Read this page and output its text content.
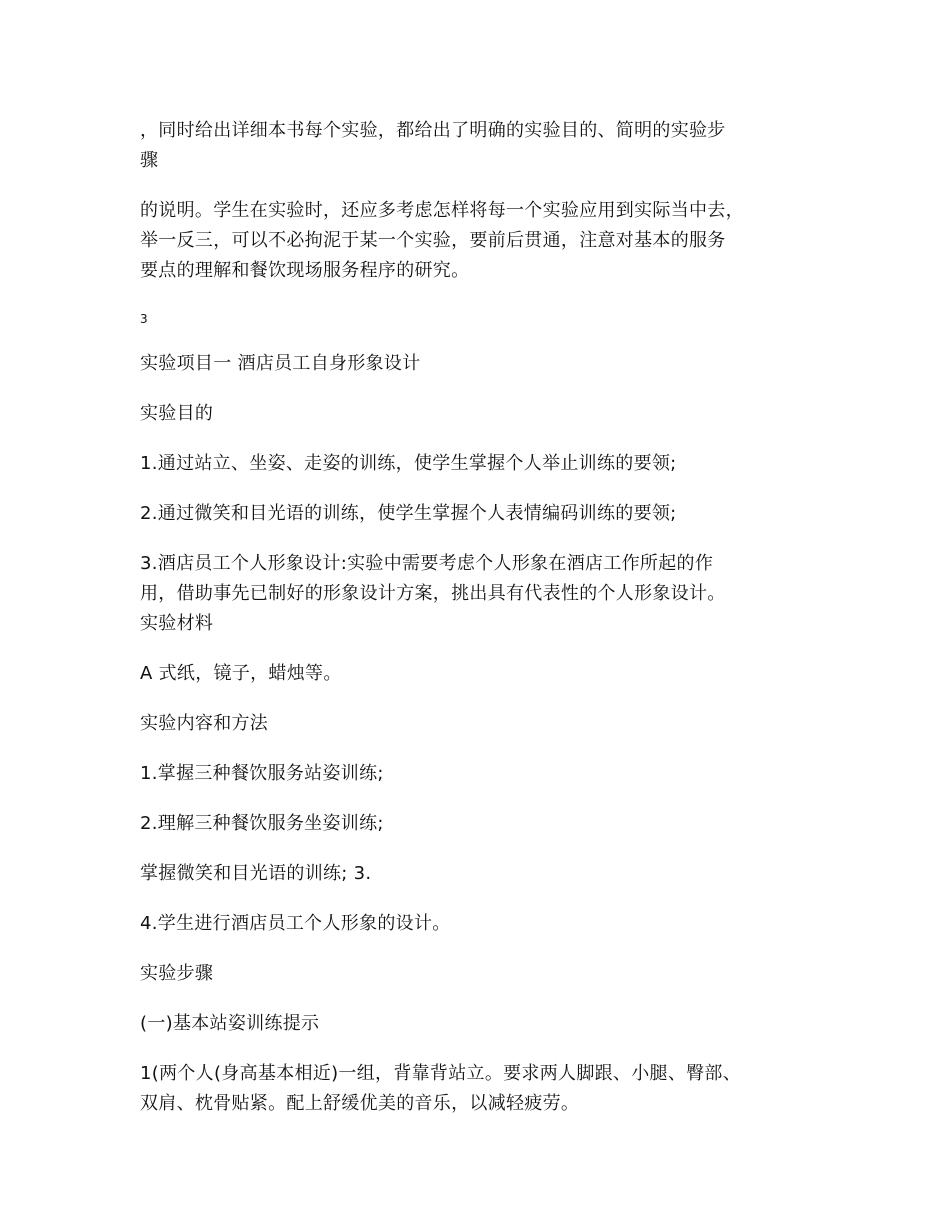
，同时给出详细本书每个实验，都给出了明确的实验目的、简明的实验步
骤
的说明。学生在实验时，还应多考虑怎样将每一个实验应用到实际当中去，
举一反三，可以不必拘泥于某一个实验，要前后贯通，注意对基本的服务
要点的理解和餐饮现场服务程序的研究。
3
实验项目一 酒店员工自身形象设计
实验目的
1.通过站立、坐姿、走姿的训练，使学生掌握个人举止训练的要领;
2.通过微笑和目光语的训练，使学生掌握个人表情编码训练的要领;
3.酒店员工个人形象设计:实验中需要考虑个人形象在酒店工作所起的作
用，借助事先已制好的形象设计方案，挑出具有代表性的个人形象设计。
实验材料
A 式纸，镜子，蜡烛等。
实验内容和方法
1.掌握三种餐饮服务站姿训练;
2.理解三种餐饮服务坐姿训练;
掌握微笑和目光语的训练; 3.
4.学生进行酒店员工个人形象的设计。
实验步骤
(一)基本站姿训练提示
1(两个人(身高基本相近)一组，背靠背站立。要求两人脚跟、小腿、臀部、
双肩、枕骨贴紧。配上舒缓优美的音乐，以减轻疲劳。
